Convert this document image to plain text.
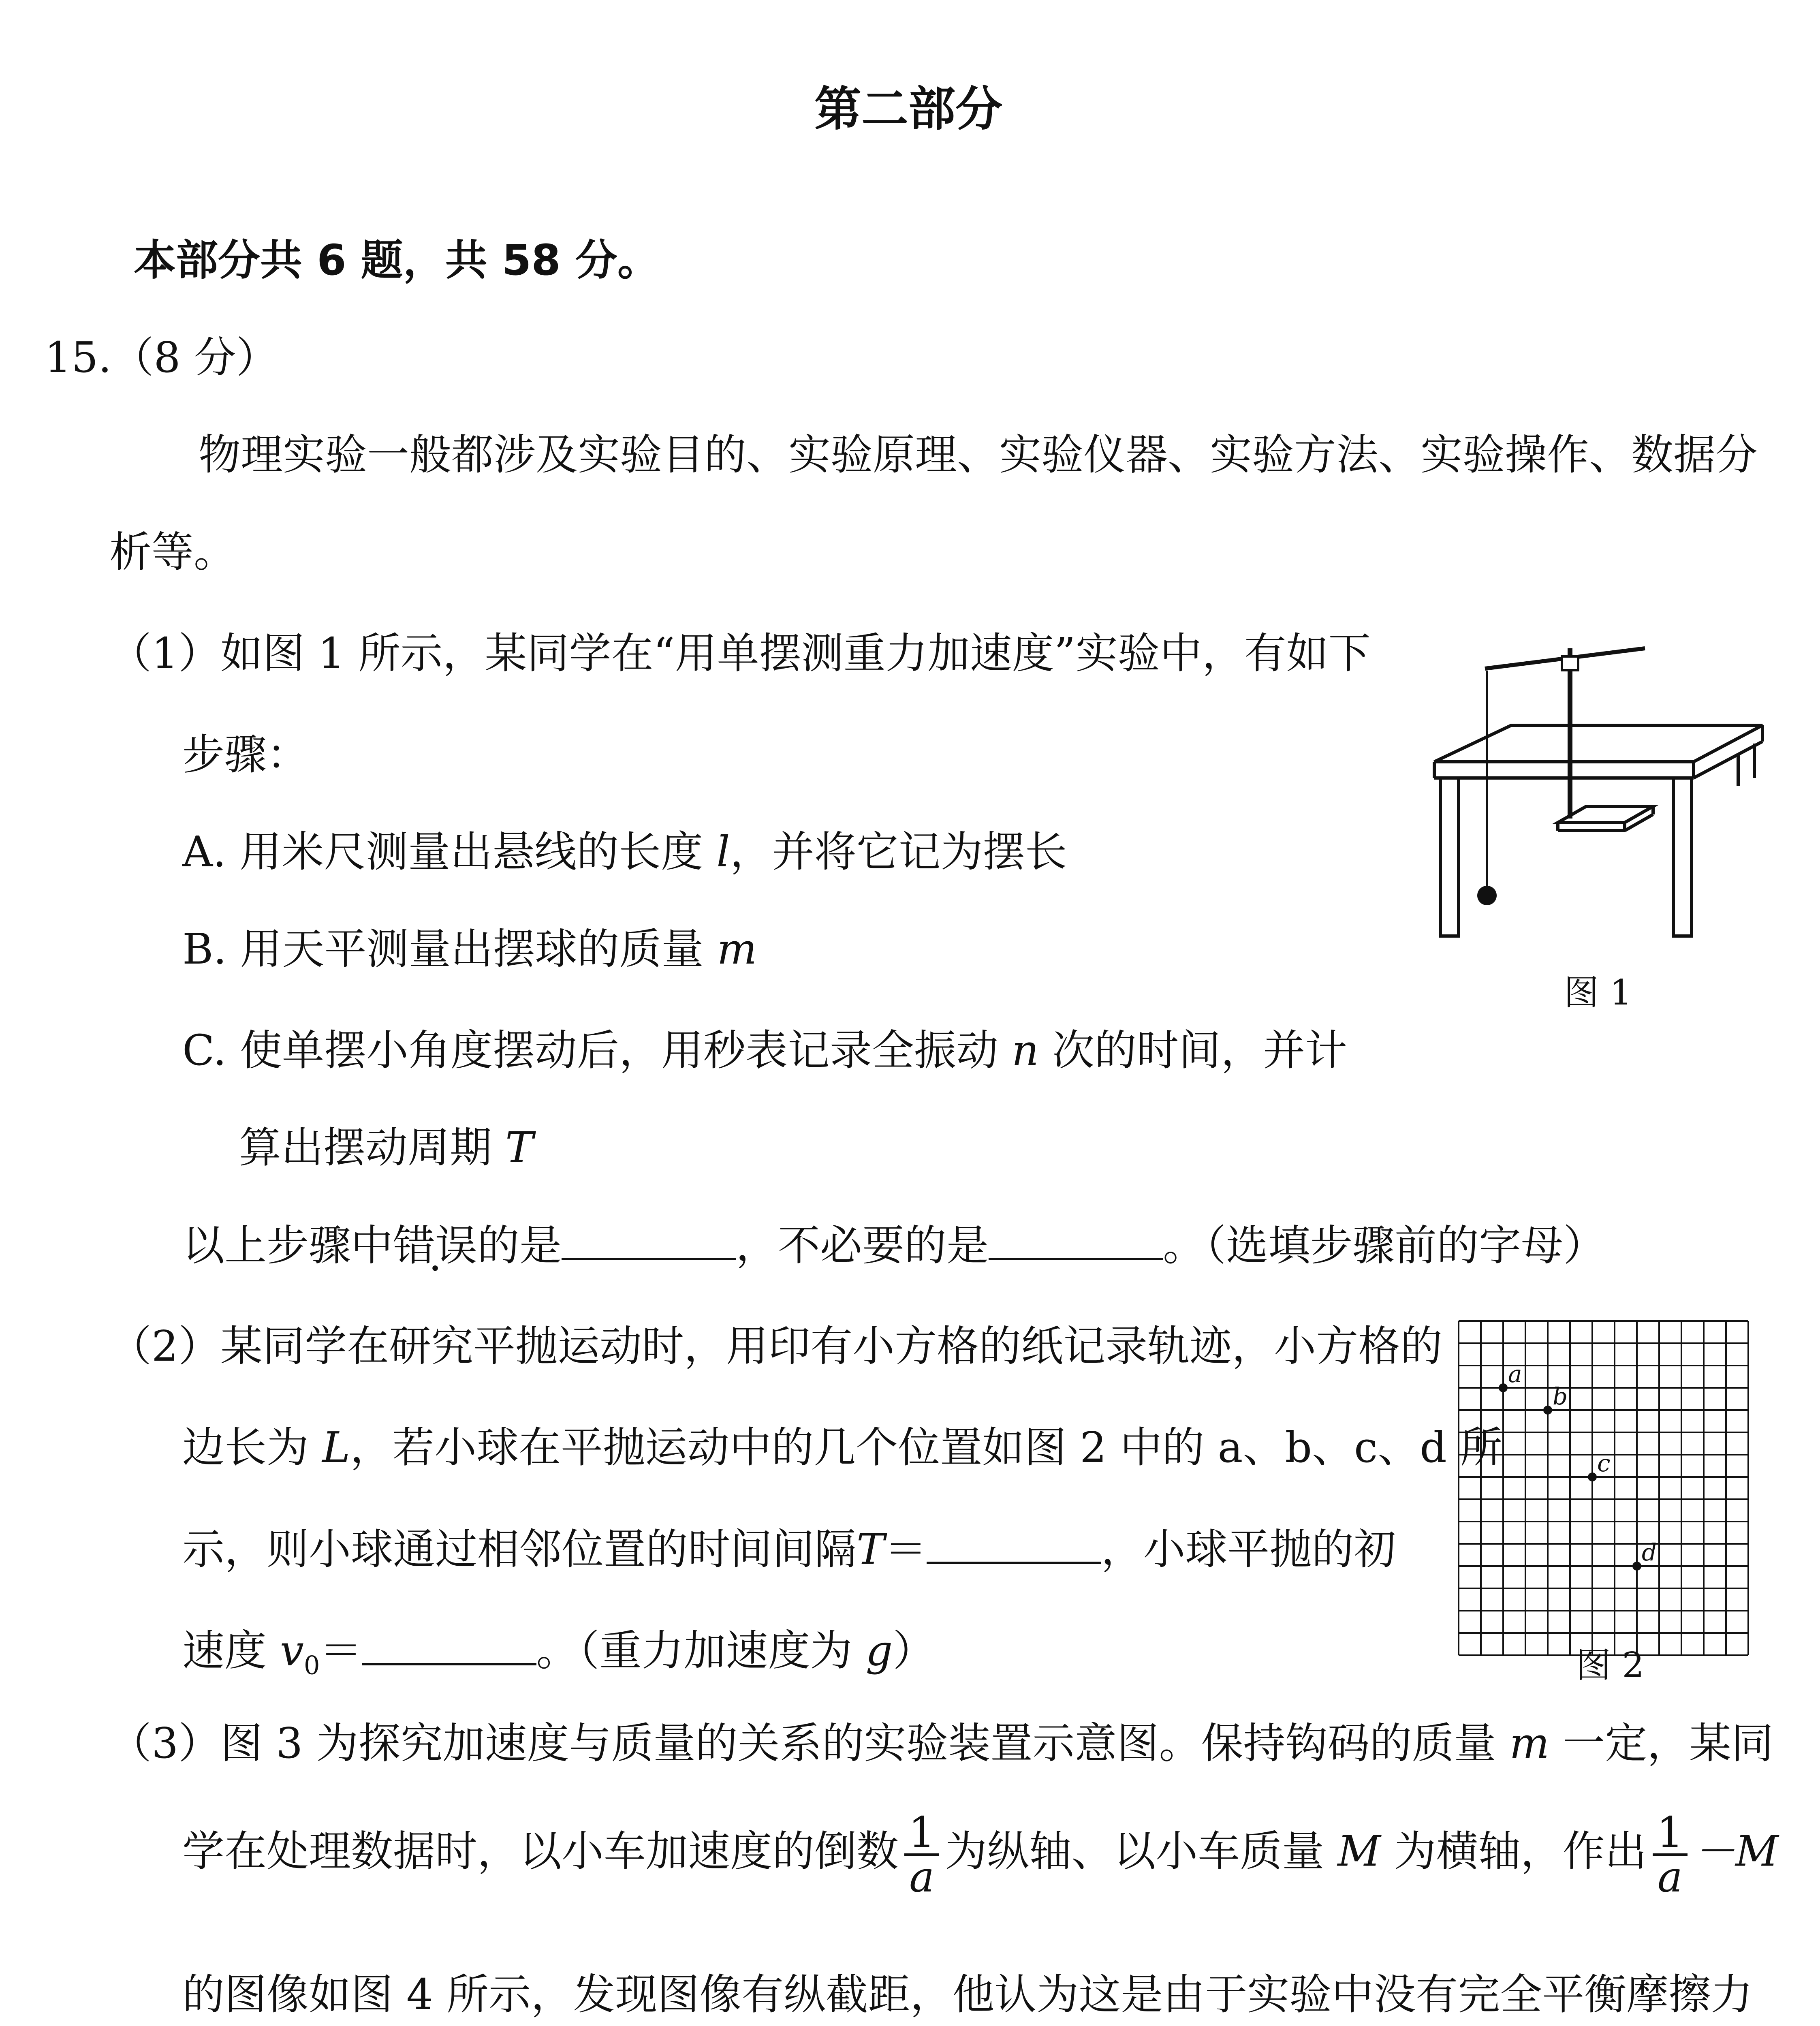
第二部分
本部分共 6 题，共 58 分。
15.（8 分）
物理实验一般都涉及实验目的、实验原理、实验仪器、实验方法、实验操作、数据分
析等。
（1）如图 1 所示，某同学在“用单摆测重力加速度”实验中，有如下
步骤：
A. 用米尺测量出悬线的长度 l，并将它记为摆长
B. 用天平测量出摆球的质量 m
C. 使单摆小角度摆动后，用秒表记录全振动 n 次的时间，并计
算出摆动周期 T
以上步骤中错误的是	，不必要的是	。（选填步骤前的字母）
图 1
（2）某同学在研究平抛运动时，用印有小方格的纸记录轨迹，小方格的
边长为 L，若小球在平抛运动中的几个位置如图 2 中的 a、b、c、d 所
示，则小球通过相邻位置的时间间隔T＝	，小球平抛的初
速度 $v_0=$	。（重力加速度为 g）
a
b
c
d
图 2
（3）图 3 为探究加速度与质量的关系的实验装置示意图。保持钩码的质量 m 一定，某同
学在处理数据时，以小车加速度的倒数 $\frac{1}{a}$ 为纵轴、以小车质量 M 为横轴，作出 $\frac{1}{a} -M$
的图像如图 4 所示，发现图像有纵截距，他认为这是由于实验中没有完全平衡摩擦力
